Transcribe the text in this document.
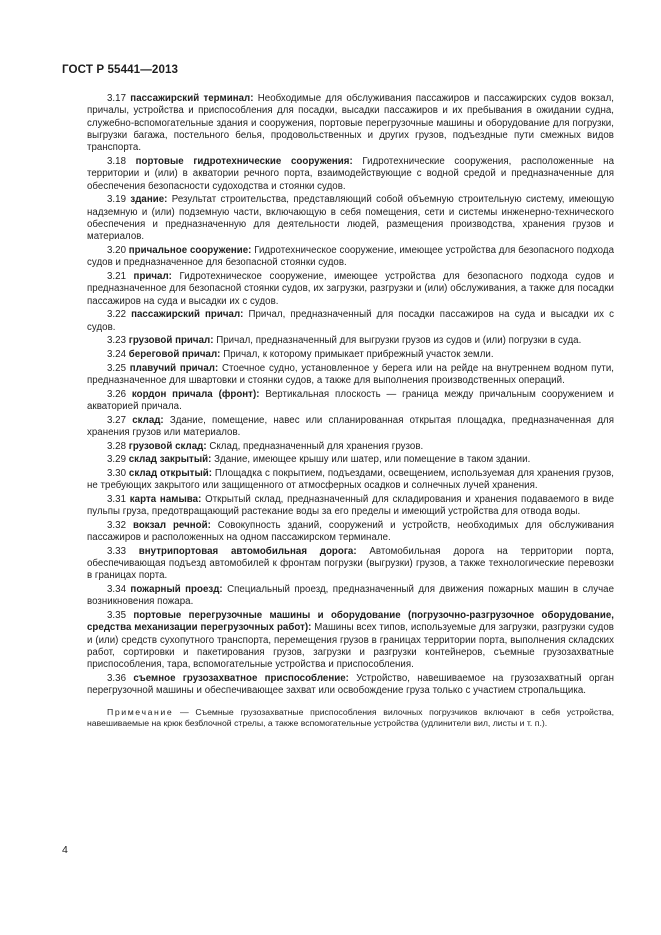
ГОСТ Р 55441—2013

3.17 пассажирский терминал: Необходимые для обслуживания пассажиров и пассажирских судов вокзал, причалы, устройства и приспособления для посадки, высадки пассажиров и их пребывания в ожидании судна, служебно-вспомогательные здания и сооружения, портовые перегрузочные машины и оборудование для погрузки, выгрузки багажа, постельного белья, продовольственных и других грузов, подъездные пути смежных видов транспорта.

3.18 портовые гидротехнические сооружения: Гидротехнические сооружения, расположенные на территории и (или) в акватории речного порта, взаимодействующие с водной средой и предназначенные для обеспечения безопасности судоходства и стоянки судов.

3.19 здание: Результат строительства, представляющий собой объемную строительную систему, имеющую надземную и (или) подземную части, включающую в себя помещения, сети и системы инженерно-технического обеспечения и предназначенную для деятельности людей, размещения производства, хранения грузов и материалов.

3.20 причальное сооружение: Гидротехническое сооружение, имеющее устройства для безопасного подхода судов и предназначенное для безопасной стоянки судов.

3.21 причал: Гидротехническое сооружение, имеющее устройства для безопасного подхода судов и предназначенное для безопасной стоянки судов, их загрузки, разгрузки и (или) обслуживания, а также для посадки пассажиров на суда и высадки их с судов.

3.22 пассажирский причал: Причал, предназначенный для посадки пассажиров на суда и высадки их с судов.

3.23 грузовой причал: Причал, предназначенный для выгрузки грузов из судов и (или) погрузки в суда.

3.24 береговой причал: Причал, к которому примыкает прибрежный участок земли.

3.25 плавучий причал: Стоечное судно, установленное у берега или на рейде на внутреннем водном пути, предназначенное для швартовки и стоянки судов, а также для выполнения производственных операций.

3.26 кордон причала (фронт): Вертикальная плоскость — граница между причальным сооружением и акваторией причала.

3.27 склад: Здание, помещение, навес или спланированная открытая площадка, предназначенная для хранения грузов или материалов.

3.28 грузовой склад: Склад, предназначенный для хранения грузов.

3.29 склад закрытый: Здание, имеющее крышу или шатер, или помещение в таком здании.

3.30 склад открытый: Площадка с покрытием, подъездами, освещением, используемая для хранения грузов, не требующих закрытого или защищенного от атмосферных осадков и солнечных лучей хранения.

3.31 карта намыва: Открытый склад, предназначенный для складирования и хранения подаваемого в виде пульпы груза, предотвращающий растекание воды за его пределы и имеющий устройства для отвода воды.

3.32 вокзал речной: Совокупность зданий, сооружений и устройств, необходимых для обслуживания пассажиров и расположенных на одном пассажирском терминале.

3.33 внутрипортовая автомобильная дорога: Автомобильная дорога на территории порта, обеспечивающая подъезд автомобилей к фронтам погрузки (выгрузки) грузов, а также технологические перевозки в границах порта.

3.34 пожарный проезд: Специальный проезд, предназначенный для движения пожарных машин в случае возникновения пожара.

3.35 портовые перегрузочные машины и оборудование (погрузочно-разгрузочное оборудование, средства механизации перегрузочных работ): Машины всех типов, используемые для загрузки, разгрузки судов и (или) средств сухопутного транспорта, перемещения грузов в границах территории порта, выполнения складских работ, сортировки и пакетирования грузов, загрузки и разгрузки контейнеров, съемные грузозахватные приспособления, тара, вспомогательные устройства и приспособления.

3.36 съемное грузозахватное приспособление: Устройство, навешиваемое на грузозахватный орган перегрузочной машины и обеспечивающее захват или освобождение груза только с участием стропальщика.

Примечание — Съемные грузозахватные приспособления вилочных погрузчиков включают в себя устройства, навешиваемые на крюк безблочной стрелы, а также вспомогательные устройства (удлинители вил, листы и т. п.).

4
